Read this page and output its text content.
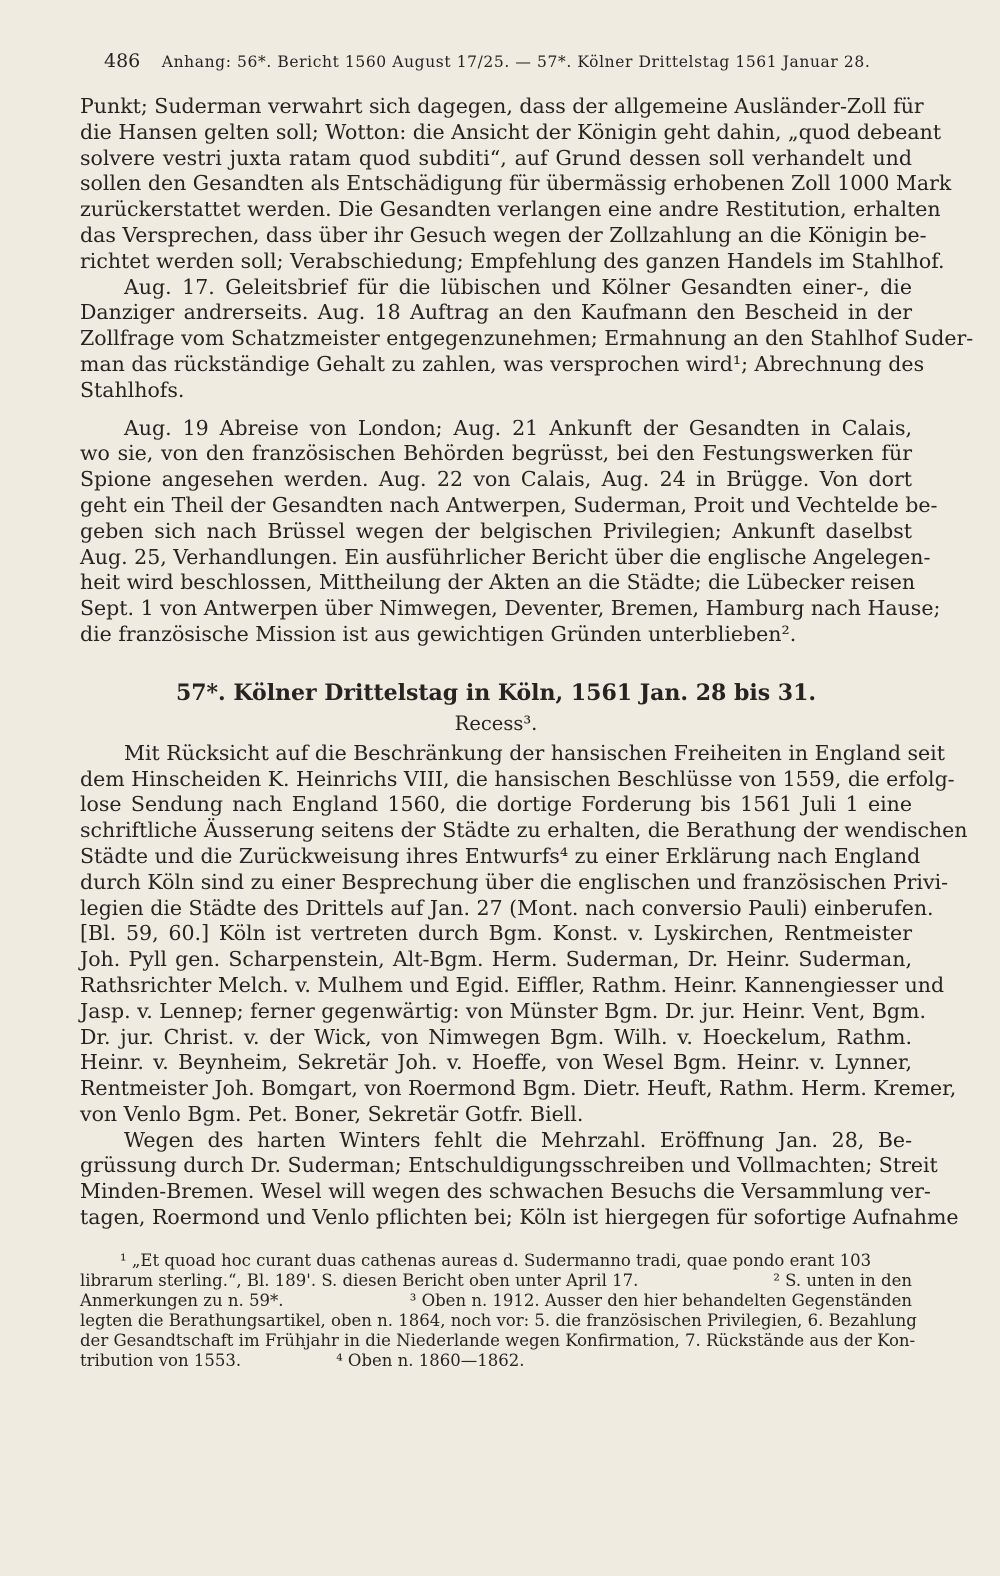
486 Anhang: 56*. Bericht 1560 August 17/25. — 57*. Kölner Drittelstag 1561 Januar 28.
Punkt; Suderman verwahrt sich dagegen, dass der allgemeine Ausländer-Zoll für
die Hansen gelten soll; Wotton: die Ansicht der Königin geht dahin, „quod debeant
solvere vestri juxta ratam quod subditi“, auf Grund dessen soll verhandelt und
sollen den Gesandten als Entschädigung für übermässig erhobenen Zoll 1000 Mark
zurückerstattet werden. Die Gesandten verlangen eine andre Restitution, erhalten
das Versprechen, dass über ihr Gesuch wegen der Zollzahlung an die Königin be-
richtet werden soll; Verabschiedung; Empfehlung des ganzen Handels im Stahlhof.
Aug. 17. Geleitsbrief für die lübischen und Kölner Gesandten einer-, die
Danziger andrerseits. Aug. 18 Auftrag an den Kaufmann den Bescheid in der
Zollfrage vom Schatzmeister entgegenzunehmen; Ermahnung an den Stahlhof Suder-
man das rückständige Gehalt zu zahlen, was versprochen wird¹; Abrechnung des
Stahlhofs.
Aug. 19 Abreise von London; Aug. 21 Ankunft der Gesandten in Calais,
wo sie, von den französischen Behörden begrüsst, bei den Festungswerken für
Spione angesehen werden. Aug. 22 von Calais, Aug. 24 in Brügge. Von dort
geht ein Theil der Gesandten nach Antwerpen, Suderman, Proit und Vechtelde be-
geben sich nach Brüssel wegen der belgischen Privilegien; Ankunft daselbst
Aug. 25, Verhandlungen. Ein ausführlicher Bericht über die englische Angelegen-
heit wird beschlossen, Mittheilung der Akten an die Städte; die Lübecker reisen
Sept. 1 von Antwerpen über Nimwegen, Deventer, Bremen, Hamburg nach Hause;
die französische Mission ist aus gewichtigen Gründen unterblieben².
57*. Kölner Drittelstag in Köln, 1561 Jan. 28 bis 31.
Recess³.
Mit Rücksicht auf die Beschränkung der hansischen Freiheiten in England seit
dem Hinscheiden K. Heinrichs VIII, die hansischen Beschlüsse von 1559, die erfolg-
lose Sendung nach England 1560, die dortige Forderung bis 1561 Juli 1 eine
schriftliche Äusserung seitens der Städte zu erhalten, die Berathung der wendischen
Städte und die Zurückweisung ihres Entwurfs⁴ zu einer Erklärung nach England
durch Köln sind zu einer Besprechung über die englischen und französischen Privi-
legien die Städte des Drittels auf Jan. 27 (Mont. nach conversio Pauli) einberufen.
[Bl. 59, 60.] Köln ist vertreten durch Bgm. Konst. v. Lyskirchen, Rentmeister
Joh. Pyll gen. Scharpenstein, Alt-Bgm. Herm. Suderman, Dr. Heinr. Suderman,
Rathsrichter Melch. v. Mulhem und Egid. Eiffler, Rathm. Heinr. Kannengiesser und
Jasp. v. Lennep; ferner gegenwärtig: von Münster Bgm. Dr. jur. Heinr. Vent, Bgm.
Dr. jur. Christ. v. der Wick, von Nimwegen Bgm. Wilh. v. Hoeckelum, Rathm.
Heinr. v. Beynheim, Sekretär Joh. v. Hoeffe, von Wesel Bgm. Heinr. v. Lynner,
Rentmeister Joh. Bomgart, von Roermond Bgm. Dietr. Heuft, Rathm. Herm. Kremer,
von Venlo Bgm. Pet. Boner, Sekretär Gotfr. Biell.
Wegen des harten Winters fehlt die Mehrzahl. Eröffnung Jan. 28, Be-
grüssung durch Dr. Suderman; Entschuldigungsschreiben und Vollmachten; Streit
Minden-Bremen. Wesel will wegen des schwachen Besuchs die Versammlung ver-
tagen, Roermond und Venlo pflichten bei; Köln ist hiergegen für sofortige Aufnahme
¹ „Et quoad hoc curant duas cathenas aureas d. Sudermanno tradi, quae pondo erant 103
librarum sterling.“, Bl. 189'. S. diesen Bericht oben unter April 17.	² S. unten in den
Anmerkungen zu n. 59*.	³ Oben n. 1912. Ausser den hier behandelten Gegenständen
legten die Berathungsartikel, oben n. 1864, noch vor: 5. die französischen Privilegien, 6. Bezahlung
der Gesandtschaft im Frühjahr in die Niederlande wegen Konfirmation, 7. Rückstände aus der Kon-
tribution von 1553.	⁴ Oben n. 1860—1862.
